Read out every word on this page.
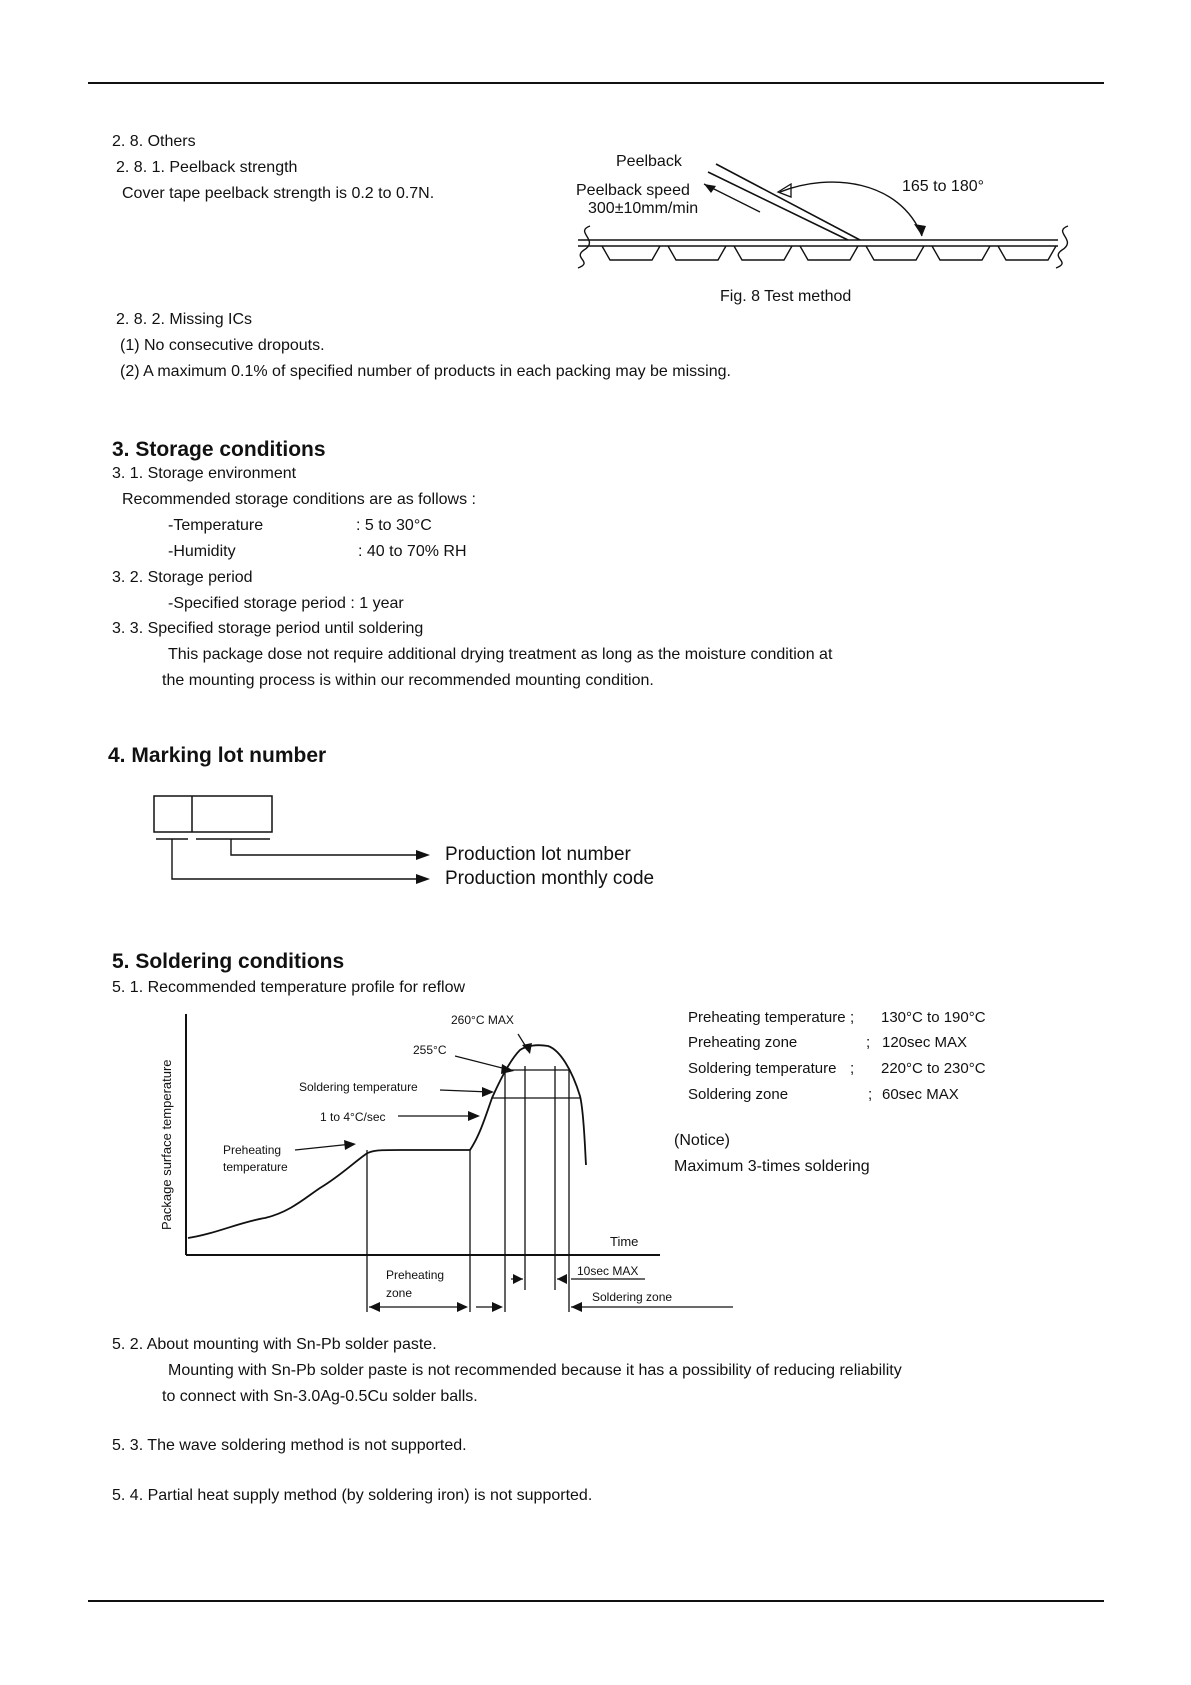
2. 8. Others
2. 8. 1. Peelback strength
Cover tape peelback strength is 0.2 to 0.7N.
2. 8. 2. Missing ICs
(1) No consecutive dropouts.
(2) A maximum 0.1% of specified number of products in each packing may be missing.
Peelback
Peelback speed
300±10mm/min
165 to 180°
Fig. 8 Test method
3. Storage conditions
3. 1. Storage environment
Recommended storage conditions are as follows :
-Temperature	: 5 to 30°C
-Humidity	: 40 to 70% RH
3. 2. Storage period
-Specified storage period : 1 year
3. 3. Specified storage period until soldering
This package dose not require additional drying treatment as long as the moisture condition at
the mounting process is within our recommended mounting condition.
4. Marking lot number
Production lot number
Production monthly code
5. Soldering conditions
5. 1. Recommended temperature profile for reflow
Package surface temperature
Time
260°C MAX
255°C
Soldering temperature
1 to 4°C/sec
Preheating
temperature
Preheating
zone
10sec MAX
Soldering zone
Preheating temperature ; 130°C to 190°C
Preheating zone	; 120sec MAX
Soldering temperature ; 220°C to 230°C
Soldering zone	; 60sec MAX
(Notice)
Maximum 3-times soldering
5. 2. About mounting with Sn-Pb solder paste.
Mounting with Sn-Pb solder paste is not recommended because it has a possibility of reducing reliability
to connect with Sn-3.0Ag-0.5Cu solder balls.
5. 3. The wave soldering method is not supported.
5. 4. Partial heat supply method (by soldering iron) is not supported.
